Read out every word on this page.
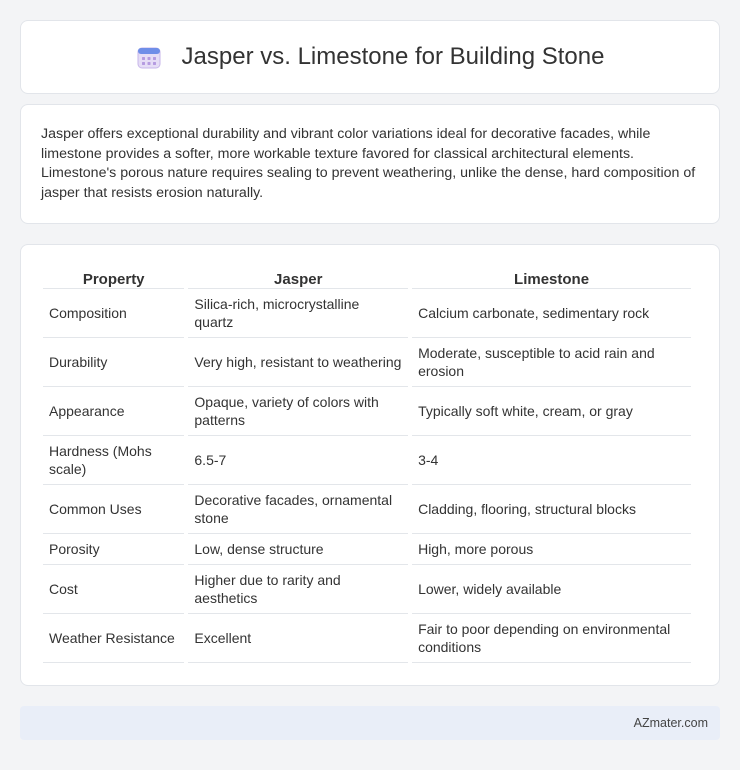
Jasper vs. Limestone for Building Stone

Jasper offers exceptional durability and vibrant color variations ideal for decorative facades, while limestone provides a softer, more workable texture favored for classical architectural elements. Limestone's porous nature requires sealing to prevent weathering, unlike the dense, hard composition of jasper that resists erosion naturally.

Property	Jasper	Limestone
Composition	Silica-rich, microcrystalline quartz	Calcium carbonate, sedimentary rock
Durability	Very high, resistant to weathering	Moderate, susceptible to acid rain and erosion
Appearance	Opaque, variety of colors with patterns	Typically soft white, cream, or gray
Hardness (Mohs scale)	6.5-7	3-4
Common Uses	Decorative facades, ornamental stone	Cladding, flooring, structural blocks
Porosity	Low, dense structure	High, more porous
Cost	Higher due to rarity and aesthetics	Lower, widely available
Weather Resistance	Excellent	Fair to poor depending on environmental conditions
AZmater.com
